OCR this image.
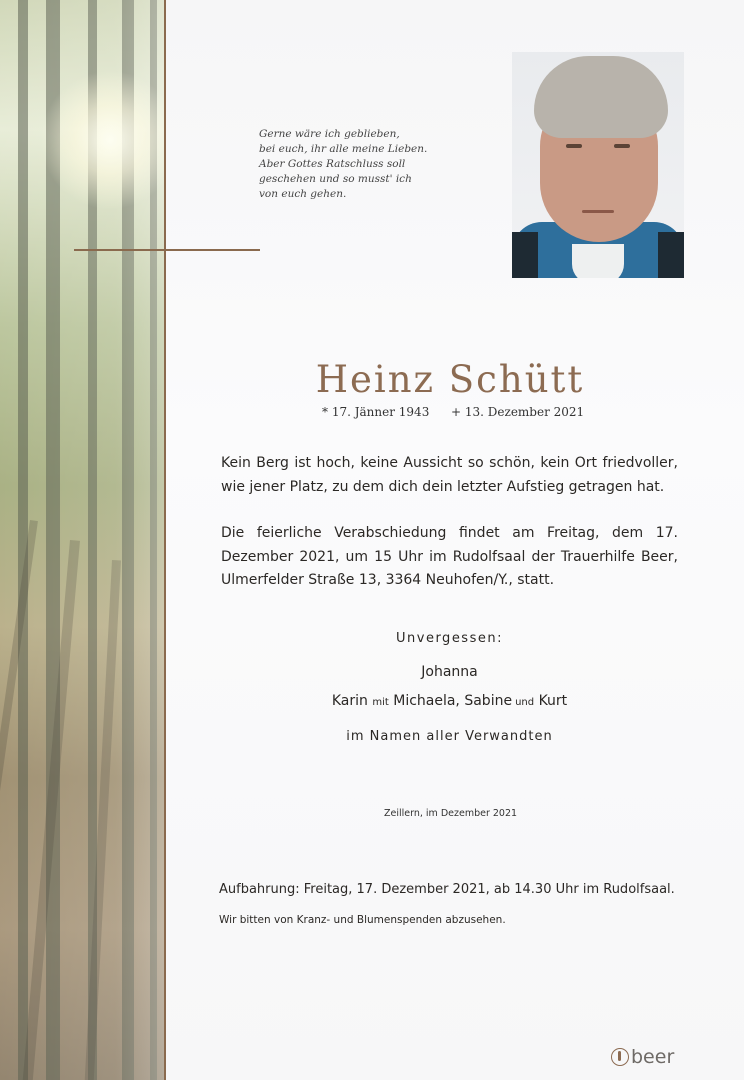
Gerne wäre ich geblieben,
bei euch, ihr alle meine Lieben.
Aber Gottes Ratschluss soll
geschehen und so musst' ich
von euch gehen.
Heinz Schütt
* 17. Jänner 1943 + 13. Dezember 2021
Kein Berg ist hoch, keine Aussicht so schön, kein Ort friedvoller, wie jener Platz, zu dem dich dein letzter Aufstieg getragen hat.
Die feierliche Verabschiedung findet am Freitag, dem 17. Dezember 2021, um 15 Uhr im Rudolfsaal der Trauerhilfe Beer, Ulmerfelder Straße 13, 3364 Neuhofen/Y., statt.
Unvergessen:
Johanna
Karin mit Michaela, Sabine und Kurt
im Namen aller Verwandten
Zeillern, im Dezember 2021
Aufbahrung: Freitag, 17. Dezember 2021, ab 14.30 Uhr im Rudolfsaal.
Wir bitten von Kranz- und Blumenspenden abzusehen.
beer
